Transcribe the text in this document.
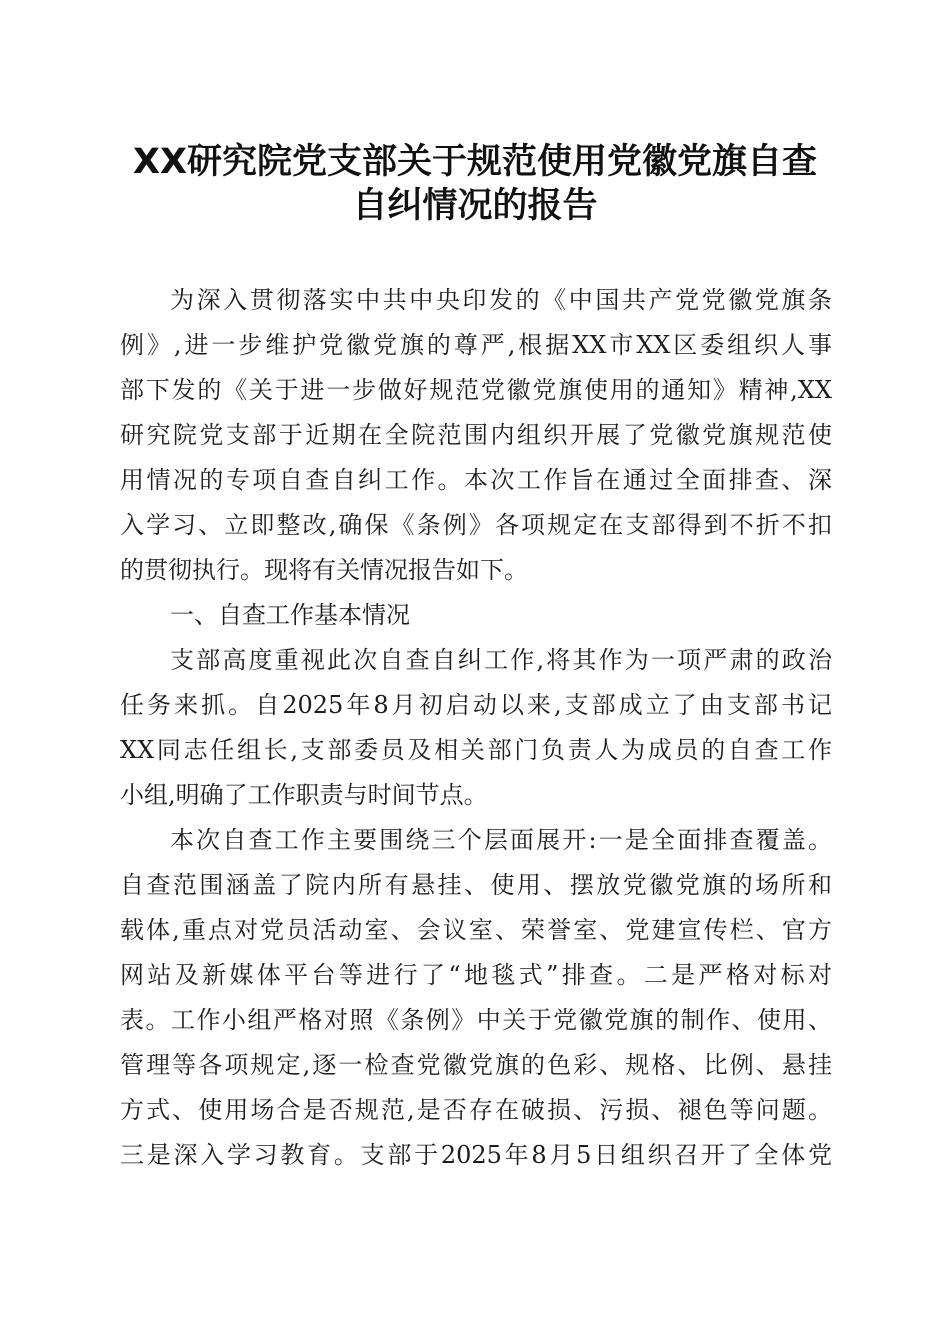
XX研究院党支部关于规范使用党徽党旗自查
自纠情况的报告
为深入贯彻落实中共中央印发的《中国共产党党徽党旗条
例》,进一步维护党徽党旗的尊严,根据XX市XX区委组织人事
部下发的《关于进一步做好规范党徽党旗使用的通知》精神,XX
研究院党支部于近期在全院范围内组织开展了党徽党旗规范使
用情况的专项自查自纠工作。本次工作旨在通过全面排查、深
入学习、立即整改,确保《条例》各项规定在支部得到不折不扣
的贯彻执行。现将有关情况报告如下。
一、自查工作基本情况
支部高度重视此次自查自纠工作,将其作为一项严肃的政治
任务来抓。自2025年8月初启动以来,支部成立了由支部书记
XX同志任组长,支部委员及相关部门负责人为成员的自查工作
小组,明确了工作职责与时间节点。
本次自查工作主要围绕三个层面展开:一是全面排查覆盖。
自查范围涵盖了院内所有悬挂、使用、摆放党徽党旗的场所和
载体,重点对党员活动室、会议室、荣誉室、党建宣传栏、官方
网站及新媒体平台等进行了“地毯式”排查。二是严格对标对
表。工作小组严格对照《条例》中关于党徽党旗的制作、使用、
管理等各项规定,逐一检查党徽党旗的色彩、规格、比例、悬挂
方式、使用场合是否规范,是否存在破损、污损、褪色等问题。
三是深入学习教育。支部于2025年8月5日组织召开了全体党
